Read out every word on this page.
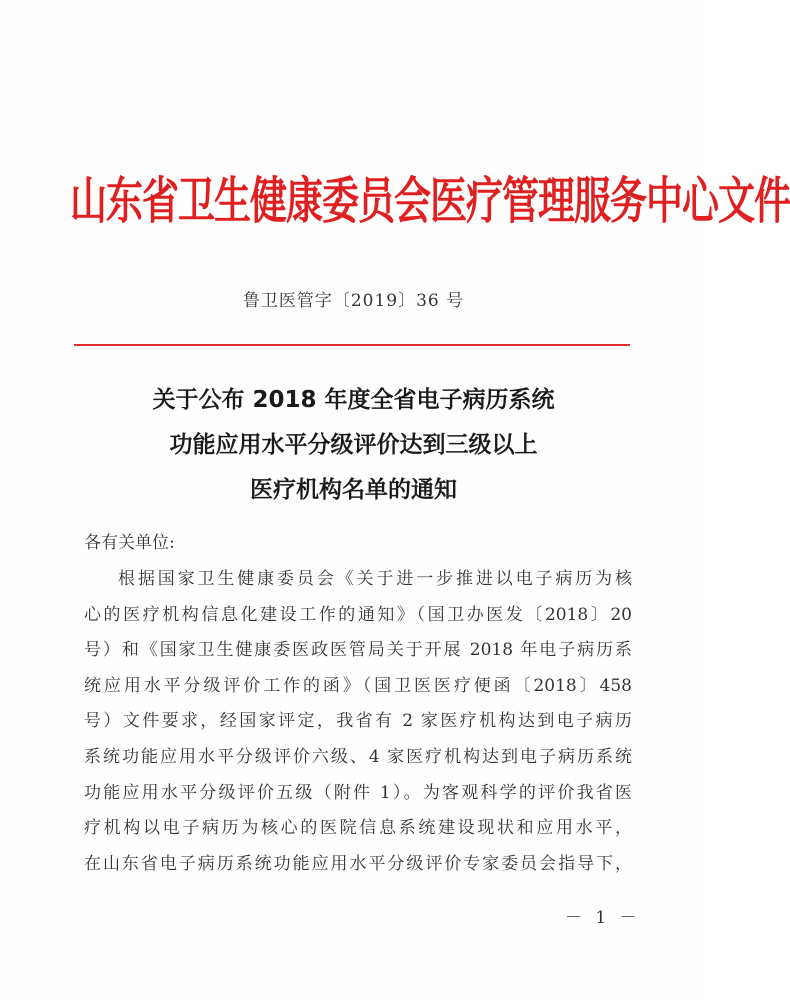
山东省卫生健康委员会医疗管理服务中心文件
鲁卫医管字〔2019〕36 号
关于公布 2018 年度全省电子病历系统
功能应用水平分级评价达到三级以上
医疗机构名单的通知
各有关单位:
根据国家卫生健康委员会《关于进一步推进以电子病历为核
心的医疗机构信息化建设工作的通知》（国卫办医发〔2018〕20
号）和《国家卫生健康委医政医管局关于开展 2018 年电子病历系
统应用水平分级评价工作的函》（国卫医医疗便函〔2018〕458
号）文件要求，经国家评定，我省有 2 家医疗机构达到电子病历
系统功能应用水平分级评价六级、4 家医疗机构达到电子病历系统
功能应用水平分级评价五级（附件 1）。为客观科学的评价我省医
疗机构以电子病历为核心的医院信息系统建设现状和应用水平，
在山东省电子病历系统功能应用水平分级评价专家委员会指导下，
－ 1 －
